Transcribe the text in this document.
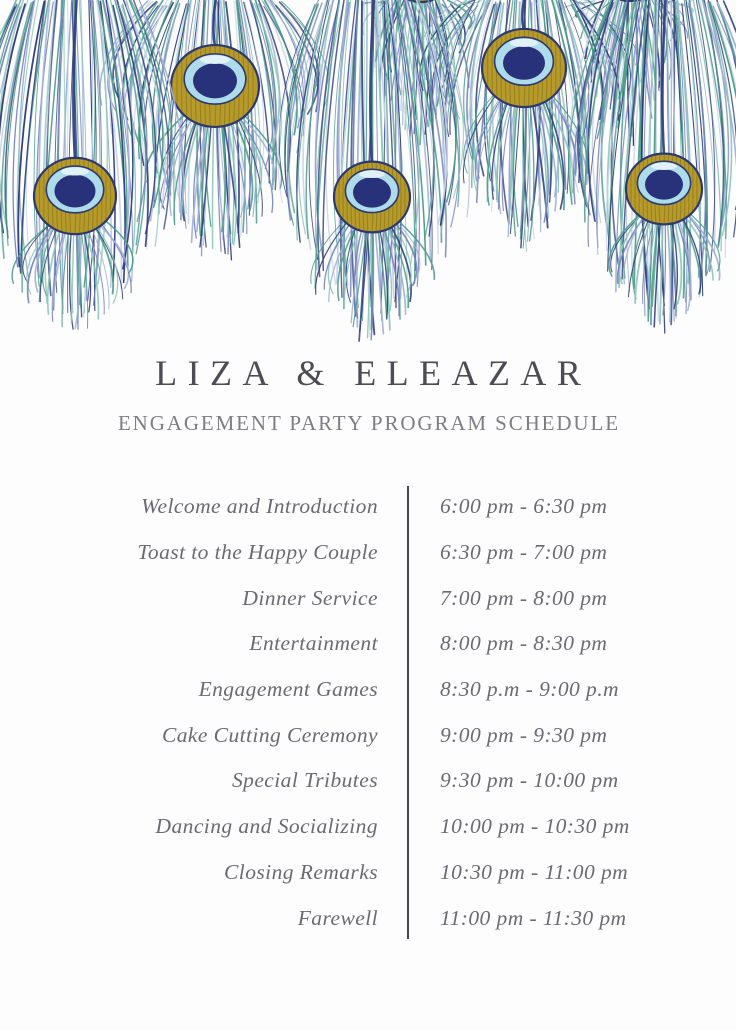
LIZA & ELEAZAR
ENGAGEMENT PARTY PROGRAM SCHEDULE
Welcome and Introduction	6:00 pm - 6:30 pm
Toast to the Happy Couple	6:30 pm - 7:00 pm
Dinner Service	7:00 pm - 8:00 pm
Entertainment	8:00 pm - 8:30 pm
Engagement Games	8:30 p.m - 9:00 p.m
Cake Cutting Ceremony	9:00 pm - 9:30 pm
Special Tributes	9:30 pm - 10:00 pm
Dancing and Socializing	10:00 pm - 10:30 pm
Closing Remarks	10:30 pm - 11:00 pm
Farewell	11:00 pm - 11:30 pm
